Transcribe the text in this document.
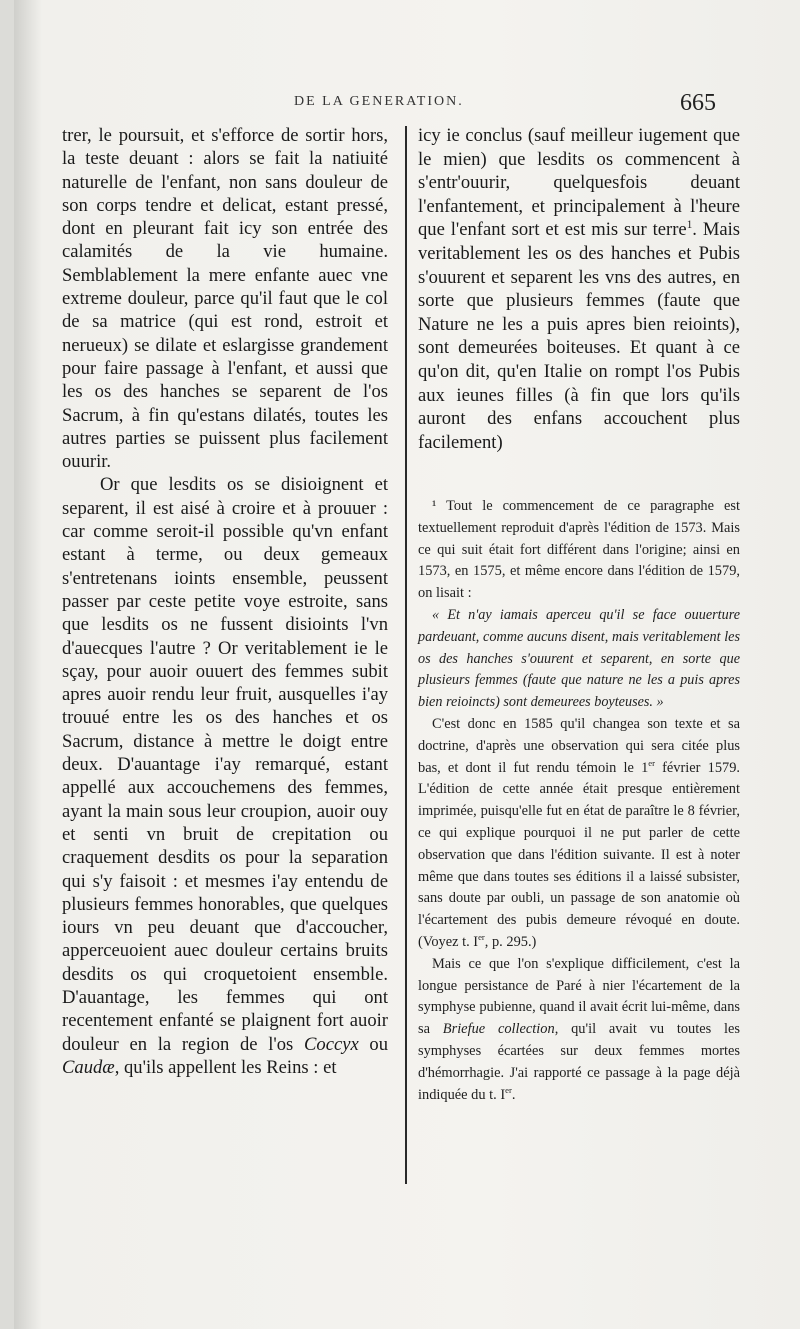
DE LA GENERATION.	665

trer, le poursuit, et s'efforce de sortir hors, la teste deuant : alors se fait la natiuité naturelle de l'enfant, non sans douleur de son corps tendre et delicat, estant pressé, dont en pleurant fait icy son entrée des calamités de la vie humaine. Semblablement la mere enfante auec vne extreme douleur, parce qu'il faut que le col de sa matrice (qui est rond, estroit et nerueux) se dilate et eslargisse grandement pour faire passage à l'enfant, et aussi que les os des hanches se separent de l'os Sacrum, à fin qu'estans dilatés, toutes les autres parties se puissent plus facilement ouurir.

Or que lesdits os se disioignent et separent, il est aisé à croire et à prouuer : car comme seroit-il possible qu'vn enfant estant à terme, ou deux gemeaux s'entretenans ioints ensemble, peussent passer par ceste petite voye estroite, sans que lesdits os ne fussent disioints l'vn d'auecques l'autre ? Or veritablement ie le sçay, pour auoir ouuert des femmes subit apres auoir rendu leur fruit, ausquelles i'ay trouué entre les os des hanches et os Sacrum, distance à mettre le doigt entre deux. D'auantage i'ay remarqué, estant appellé aux accouchemens des femmes, ayant la main sous leur croupion, auoir ouy et senti vn bruit de crepitation ou craquement desdits os pour la separation qui s'y faisoit : et mesmes i'ay entendu de plusieurs femmes honorables, que quelques iours vn peu deuant que d'accoucher, apperceuoient auec douleur certains bruits desdits os qui croquetoient ensemble. D'auantage, les femmes qui ont recentement enfanté se plaignent fort auoir douleur en la region de l'os Coccyx ou Caudæ, qu'ils appellent les Reins : et

icy ie conclus (sauf meilleur iugement que le mien) que lesdits os commencent à s'entr'ouurir, quelquesfois deuant l'enfantement, et principalement à l'heure que l'enfant sort et est mis sur terre$^1$. Mais veritablement les os des hanches et Pubis s'ouurent et separent les vns des autres, en sorte que plusieurs femmes (faute que Nature ne les a puis apres bien reioints), sont demeurées boiteuses. Et quant à ce qu'on dit, qu'en Italie on rompt l'os Pubis aux ieunes filles (à fin que lors qu'ils auront des enfans accouchent plus facilement)

¹ Tout le commencement de ce paragraphe est textuellement reproduit d'après l'édition de 1573. Mais ce qui suit était fort différent dans l'origine; ainsi en 1573, en 1575, et même encore dans l'édition de 1579, on lisait :

« Et n'ay iamais aperceu qu'il se face ouuerture pardeuant, comme aucuns disent, mais veritablement les os des hanches s'ouurent et separent, en sorte que plusieurs femmes (faute que nature ne les a puis apres bien reioincts) sont demeurees boyteuses. »

C'est donc en 1585 qu'il changea son texte et sa doctrine, d'après une observation qui sera citée plus bas, et dont il fut rendu témoin le 1er février 1579. L'édition de cette année était presque entièrement imprimée, puisqu'elle fut en état de paraître le 8 février, ce qui explique pourquoi il ne put parler de cette observation que dans l'édition suivante. Il est à noter même que dans toutes ses éditions il a laissé subsister, sans doute par oubli, un passage de son anatomie où l'écartement des pubis demeure révoqué en doute. (Voyez t. Ier, p. 295.)

Mais ce que l'on s'explique difficilement, c'est la longue persistance de Paré à nier l'écartement de la symphyse pubienne, quand il avait écrit lui-même, dans sa Briefue collection, qu'il avait vu toutes les symphyses écartées sur deux femmes mortes d'hémorrhagie. J'ai rapporté ce passage à la page déjà indiquée du t. Ier.
